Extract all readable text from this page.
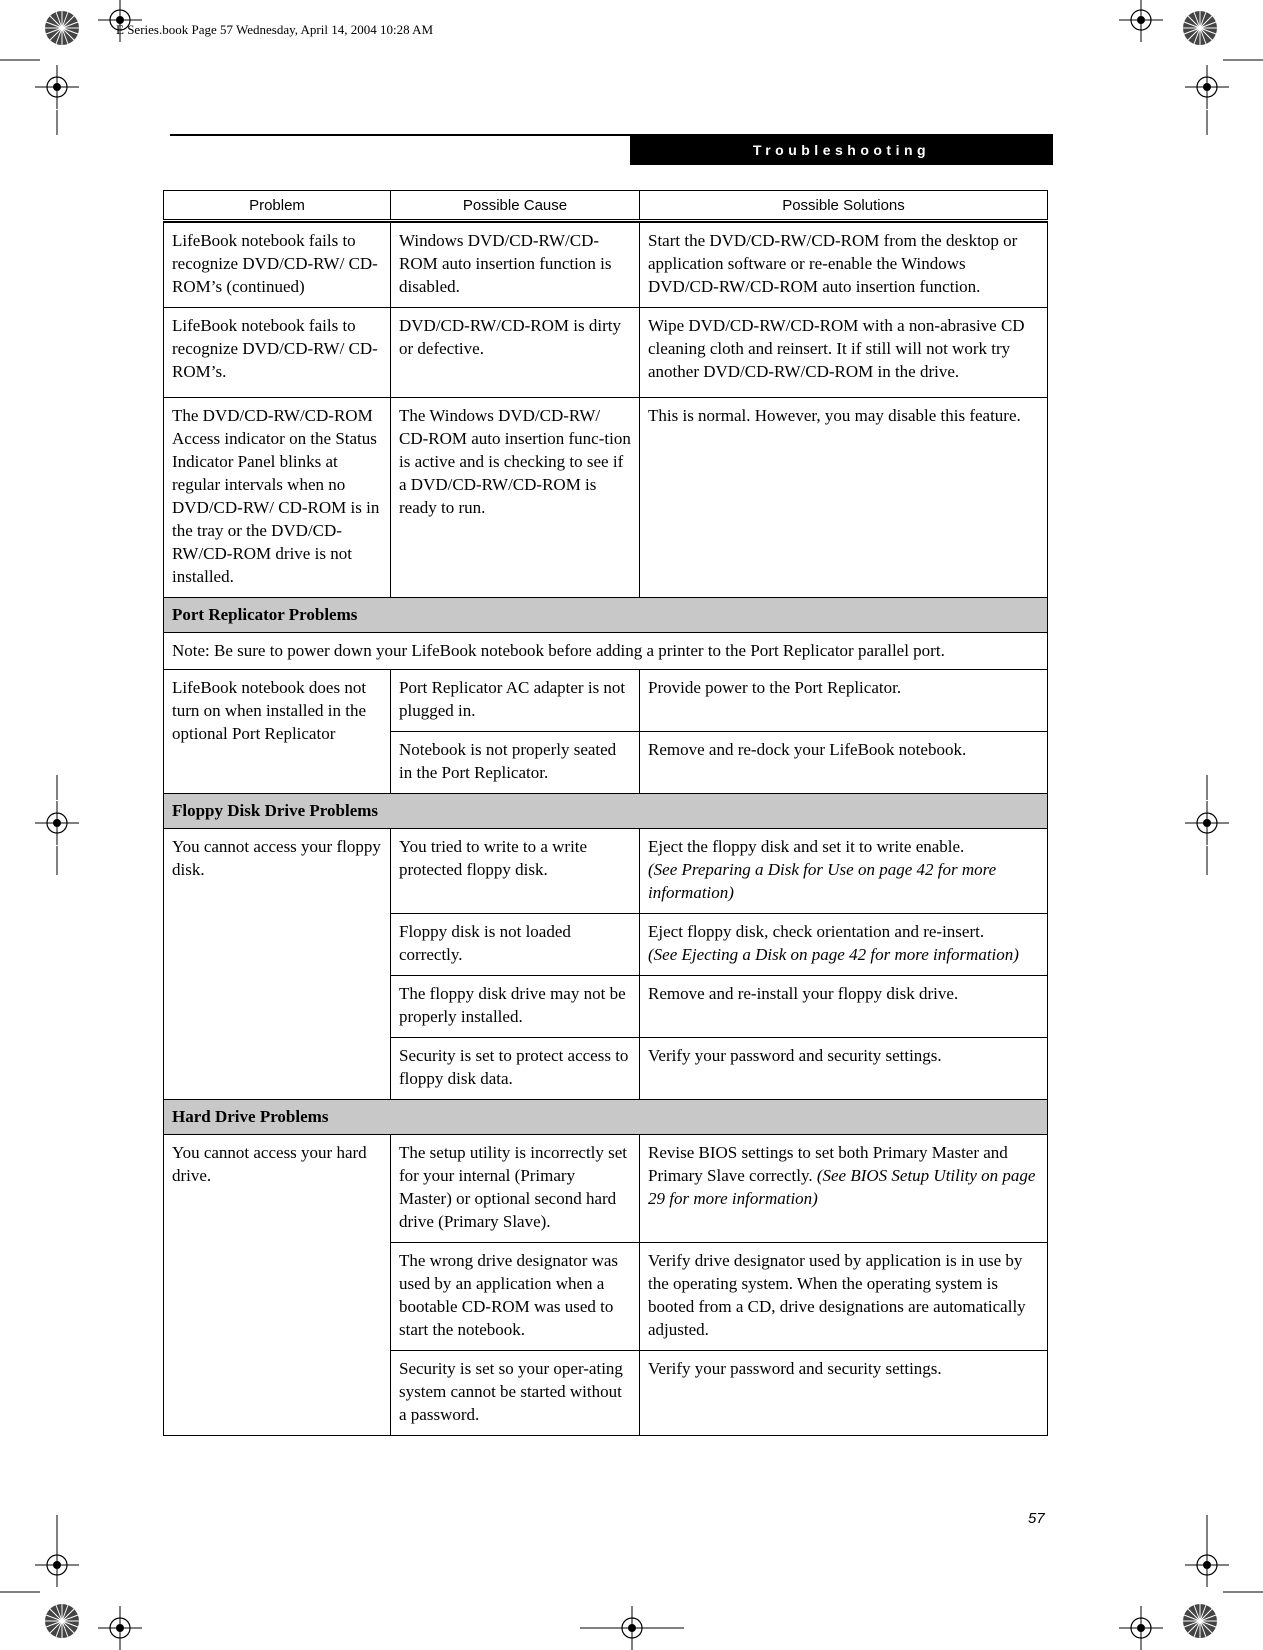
E Series.book Page 57 Wednesday, April 14, 2004 10:28 AM
Troubleshooting
Problem	Possible Cause	Possible Solutions

LifeBook notebook fails to recognize DVD/CD-RW/ CD-ROM’s (continued)	Windows DVD/CD-RW/CD-ROM auto insertion function is disabled.	Start the DVD/CD-RW/CD-ROM from the desktop or application software or re-enable the Windows DVD/CD-RW/CD-ROM auto insertion function.
LifeBook notebook fails to recognize DVD/CD-RW/ CD-ROM’s.	DVD/CD-RW/CD-ROM is dirty or defective.	Wipe DVD/CD-RW/CD-ROM with a non-abrasive CD cleaning cloth and reinsert. It if still will not work try another DVD/CD-RW/CD-ROM in the drive.
The DVD/CD-RW/CD-ROM Access indicator on the Status Indicator Panel blinks at regular intervals when no DVD/CD-RW/ CD-ROM is in the tray or the DVD/CD-RW/CD-ROM drive is not installed.	The Windows DVD/CD-RW/ CD-ROM auto insertion func-tion is active and is checking to see if a DVD/CD-RW/CD-ROM is ready to run.	This is normal. However, you may disable this feature.
Port Replicator Problems		
Note: Be sure to power down your LifeBook notebook before adding a printer to the Port Replicator parallel port.		
LifeBook notebook does not turn on when installed in the optional Port Replicator	Port Replicator AC adapter is not plugged in.	Provide power to the Port Replicator.
	Notebook is not properly seated in the Port Replicator.	Remove and re-dock your LifeBook notebook.
Floppy Disk Drive Problems		
You cannot access your floppy disk.	You tried to write to a write protected floppy disk.	Eject the floppy disk and set it to write enable.
(See Preparing a Disk for Use on page 42 for more information)
	Floppy disk is not loaded correctly.	Eject floppy disk, check orientation and re-insert.
(See Ejecting a Disk on page 42 for more information)
	The floppy disk drive may not be properly installed.	Remove and re-install your floppy disk drive.
	Security is set to protect access to floppy disk data.	Verify your password and security settings.
Hard Drive Problems		
You cannot access your hard drive.	The setup utility is incorrectly set for your internal (Primary Master) or optional second hard drive (Primary Slave).	Revise BIOS settings to set both Primary Master and Primary Slave correctly. (See BIOS Setup Utility on page 29 for more information)
	The wrong drive designator was used by an application when a bootable CD-ROM was used to start the notebook.	Verify drive designator used by application is in use by the operating system. When the operating system is booted from a CD, drive designations are automatically adjusted.
	Security is set so your oper-ating system cannot be started without a password.	Verify your password and security settings.
57
